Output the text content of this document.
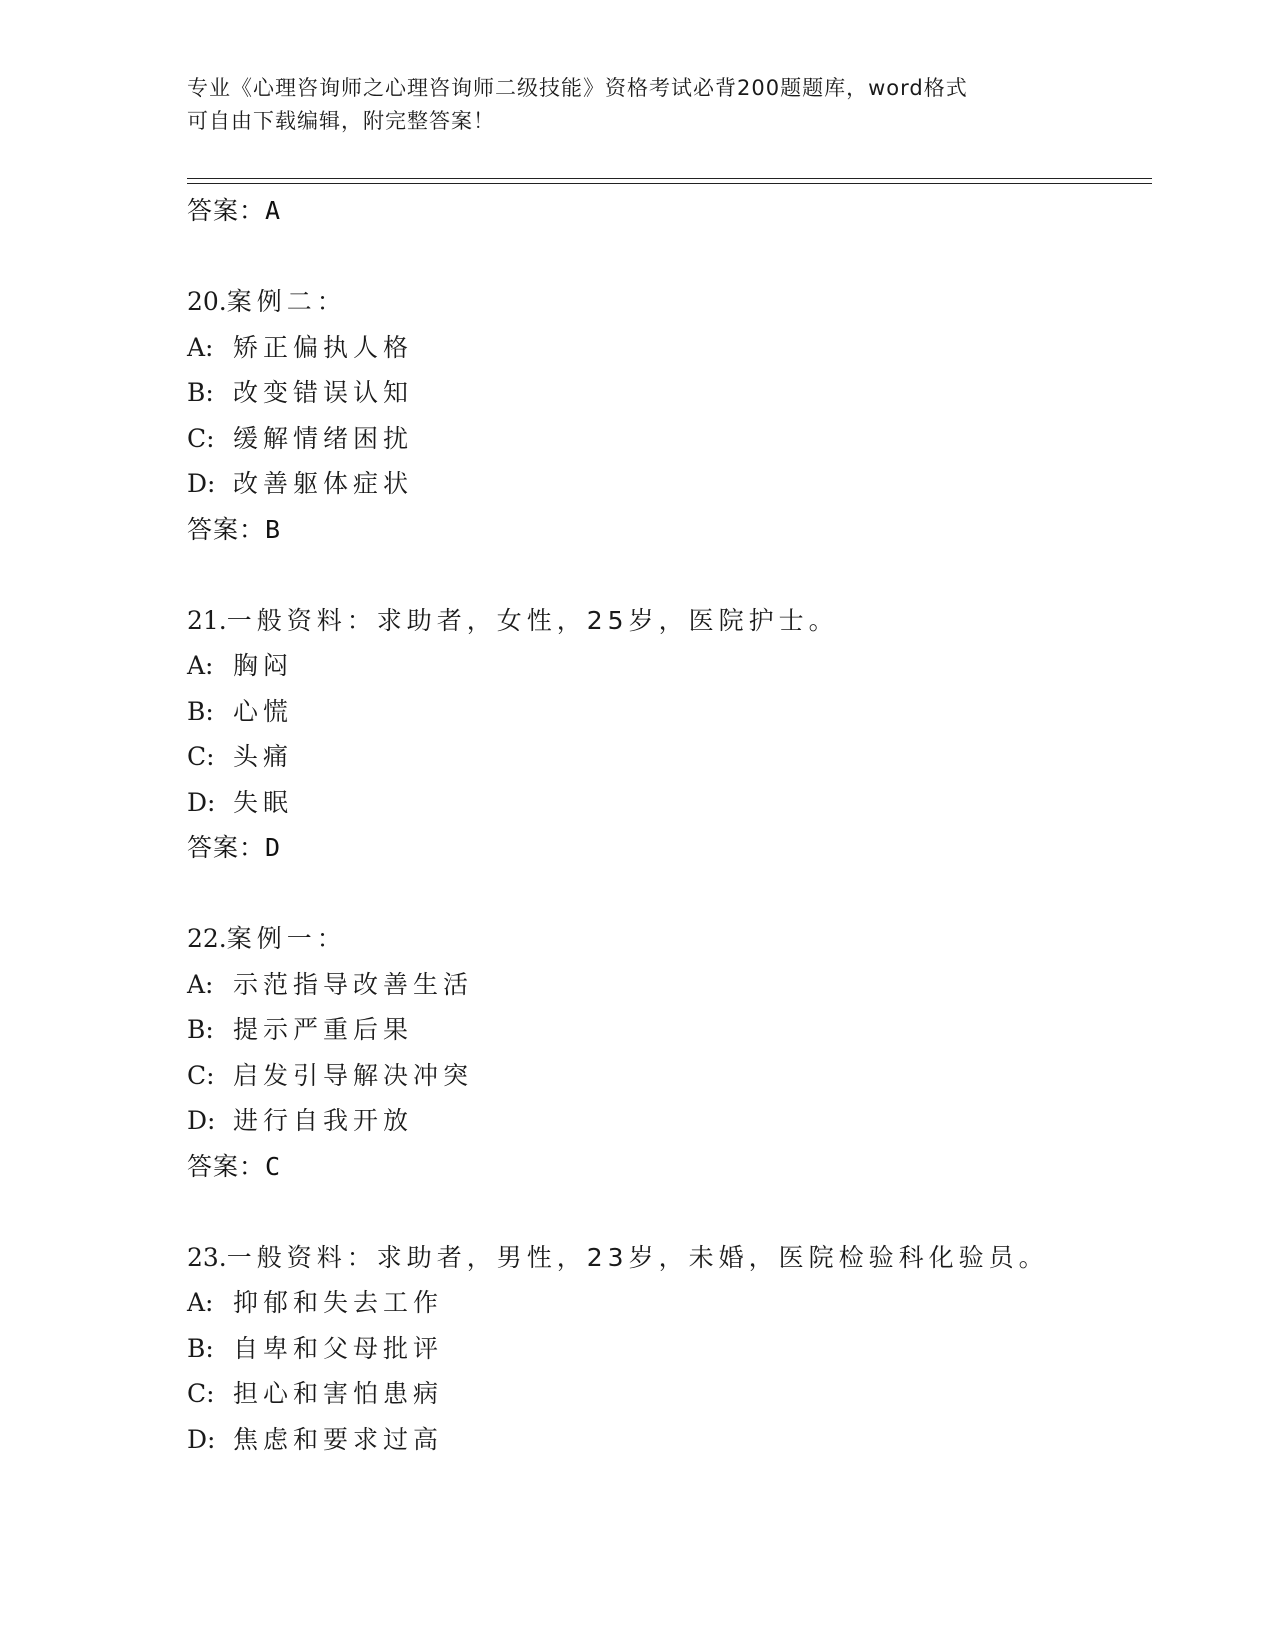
专业《心理咨询师之心理咨询师二级技能》资格考试必背200题题库，word格式
可自由下载编辑，附完整答案！
答案：A
20.案例二：
A: 矫正偏执人格
B: 改变错误认知
C: 缓解情绪困扰
D: 改善躯体症状
答案：B
21.一般资料：求助者，女性，25岁，医院护士。
A: 胸闷
B: 心慌
C: 头痛
D: 失眠
答案：D
22.案例一：
A: 示范指导改善生活
B: 提示严重后果
C: 启发引导解决冲突
D: 进行自我开放
答案：C
23.一般资料：求助者，男性，23岁，未婚，医院检验科化验员。
A: 抑郁和失去工作
B: 自卑和父母批评
C: 担心和害怕患病
D: 焦虑和要求过高
